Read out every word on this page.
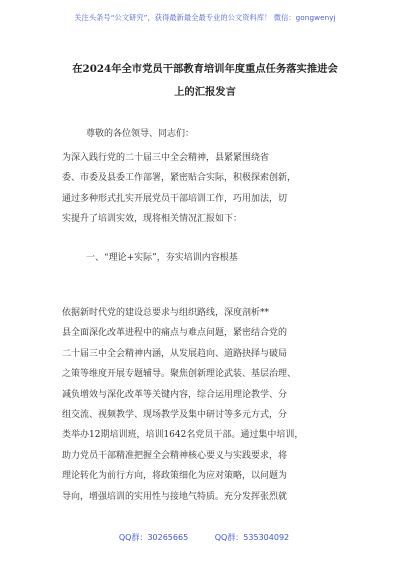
关注头条号“公文研究”，获得最新最全最专业的公文资料库！ 微信：gongwenyj
在2024年全市党员干部教育培训年度重点任务落实推进会
上的汇报发言
尊敬的各位领导、同志们：
为深入践行党的二十届三中全会精神，县紧紧围绕省
委、市委及县委工作部署，紧密贴合实际，积极探索创新，
通过多种形式扎实开展党员干部培训工作，巧用加法，切
实提升了培训实效，现将相关情况汇报如下：
一、“理论+实际”，夯实培训内容根基
依据新时代党的建设总要求与组织路线，深度剖析**
县全面深化改革进程中的痛点与难点问题，紧密结合党的
二十届三中全会精神内涵，从发展趋向、道路抉择与破局
之策等维度开展专题辅导。聚焦创新理论武装、基层治理、
减负增效与深化改革等关键内容，综合运用理论教学、分
组交流、视频教学、现场教学及集中研讨等多元方式，分
类举办12期培训班，培训1642名党员干部。通过集中培训，
助力党员干部精准把握全会精神核心要义与实践要求，将
理论转化为前行方向，将政策细化为应对策略，以问题为
导向，增强培训的实用性与接地气特质。充分发挥张烈就
QQ群：30265665	QQ群：535304092
